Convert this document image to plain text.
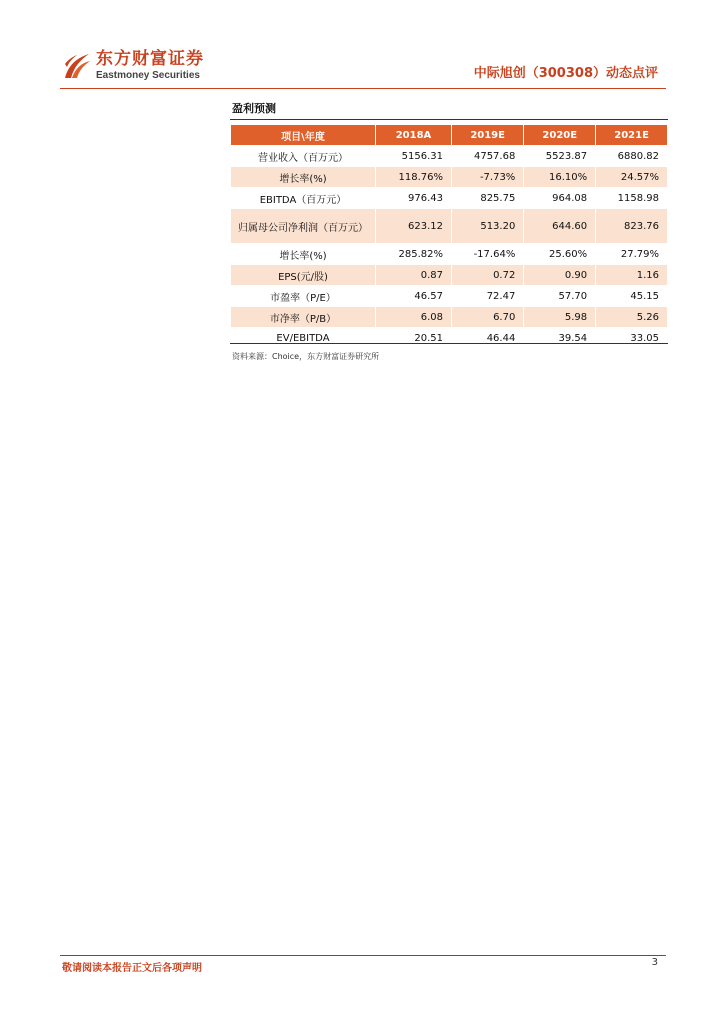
东方财富证券
Eastmoney Securities	中际旭创（300308）动态点评
盈利预测
项目\年度	2018A	2019E	2020E	2021E
营业收入（百万元）	5156.31	4757.68	5523.87	6880.82
增长率(%)	118.76%	-7.73%	16.10%	24.57%
EBITDA（百万元）	976.43	825.75	964.08	1158.98
归属母公司净利润（百万元）	623.12	513.20	644.60	823.76
增长率(%)	285.82%	-17.64%	25.60%	27.79%
EPS(元/股)	0.87	0.72	0.90	1.16
市盈率（P/E）	46.57	72.47	57.70	45.15
市净率（P/B）	6.08	6.70	5.98	5.26
EV/EBITDA	20.51	46.44	39.54	33.05
资料来源：Choice，东方财富证券研究所
敬请阅读本报告正文后各项声明
3
